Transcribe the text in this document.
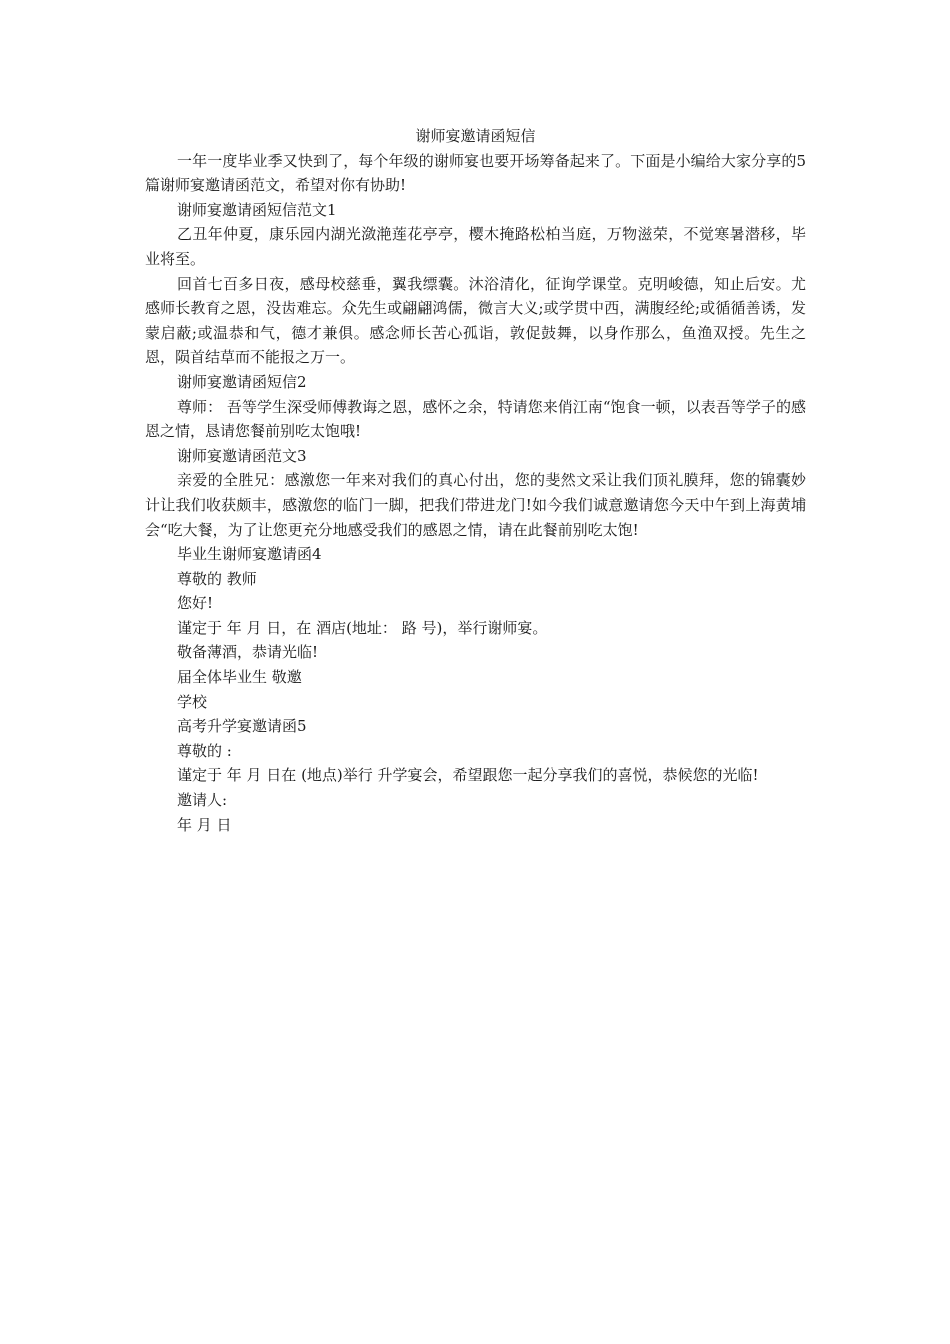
谢师宴邀请函短信

一年一度毕业季又快到了，每个年级的谢师宴也要开场筹备起来了。下面是小编给大家分享的5篇谢师宴邀请函范文，希望对你有协助!

谢师宴邀请函短信范文1

乙丑年仲夏，康乐园内湖光潋滟莲花亭亭，樱木掩路松柏当庭，万物滋荣，不觉寒暑潜移，毕业将至。

回首七百多日夜，感母校慈垂，翼我缥囊。沐浴清化，征询学课堂。克明峻德，知止后安。尤感师长教育之恩，没齿难忘。众先生或翩翩鸿儒，微言大义;或学贯中西，满腹经纶;或循循善诱，发蒙启蔽;或温恭和气，德才兼俱。感念师长苦心孤诣，敦促鼓舞，以身作那么，鱼渔双授。先生之恩，陨首结草而不能报之万一。

谢师宴邀请函短信2

尊师： 吾等学生深受师傅教诲之恩，感怀之余，特请您来俏江南“饱食一顿，以表吾等学子的感恩之情，恳请您餐前别吃太饱哦!

谢师宴邀请函范文3

亲爱的全胜兄：感激您一年来对我们的真心付出，您的斐然文采让我们顶礼膜拜，您的锦囊妙计让我们收获颇丰，感激您的临门一脚，把我们带进龙门!如今我们诚意邀请您今天中午到上海黄埔会“吃大餐，为了让您更充分地感受我们的感恩之情，请在此餐前别吃太饱!

毕业生谢师宴邀请函4

尊敬的 教师

您好!

谨定于 年 月 日，在 酒店(地址： 路 号)，举行谢师宴。

敬备薄酒，恭请光临!

届全体毕业生 敬邀

学校

高考升学宴邀请函5

尊敬的 :

谨定于 年 月 日在 (地点)举行 升学宴会，希望跟您一起分享我们的喜悦，恭候您的光临!

邀请人:

年 月 日
